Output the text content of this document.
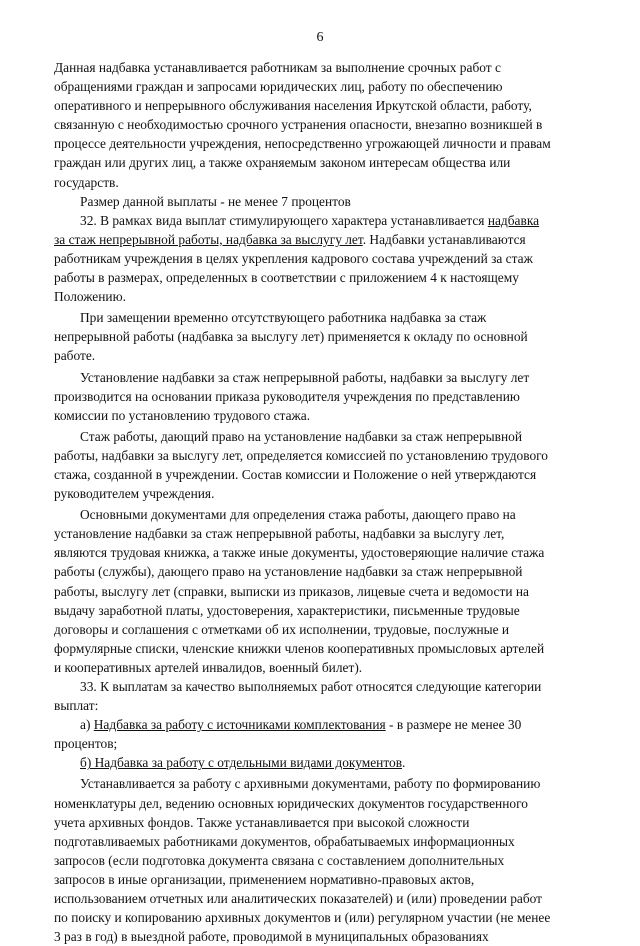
6
Данная надбавка устанавливается работникам за выполнение срочных работ с
обращениями граждан и запросами юридических лиц, работу по обеспечению
оперативного и непрерывного обслуживания населения Иркутской области, работу,
связанную с необходимостью срочного устранения опасности, внезапно возникшей в
процессе деятельности учреждения, непосредственно угрожающей личности и правам
граждан или других лиц, а также охраняемым законом интересам общества или
государств.
Размер данной выплаты - не менее 7 процентов
32. В рамках вида выплат стимулирующего характера устанавливается надбавка
за стаж непрерывной работы, надбавка за выслугу лет. Надбавки устанавливаются
работникам учреждения в целях укрепления кадрового состава учреждений за стаж
работы в размерах, определенных в соответствии с приложением 4 к настоящему
Положению.
При замещении временно отсутствующего работника надбавка за стаж
непрерывной работы (надбавка за выслугу лет) применяется к окладу по основной
работе.
Установление надбавки за стаж непрерывной работы, надбавки за выслугу лет
производится на основании приказа руководителя учреждения по представлению
комиссии по установлению трудового стажа.
Стаж работы, дающий право на установление надбавки за стаж непрерывной
работы, надбавки за выслугу лет, определяется комиссией по установлению трудового
стажа, созданной в учреждении. Состав комиссии и Положение о ней утверждаются
руководителем учреждения.
Основными документами для определения стажа работы, дающего право на
установление надбавки за стаж непрерывной работы, надбавки за выслугу лет,
являются трудовая книжка, а также иные документы, удостоверяющие наличие стажа
работы (службы), дающего право на установление надбавки за стаж непрерывной
работы, выслугу лет (справки, выписки из приказов, лицевые счета и ведомости на
выдачу заработной платы, удостоверения, характеристики, письменные трудовые
договоры и соглашения с отметками об их исполнении, трудовые, послужные и
формулярные списки, членские книжки членов кооперативных промысловых артелей
и кооперативных артелей инвалидов, военный билет).
33. К выплатам за качество выполняемых работ относятся следующие категории
выплат:
а) Надбавка за работу с источниками комплектования - в размере не менее 30
процентов;
б) Надбавка за работу с отдельными видами документов.
Устанавливается за работу с архивными документами, работу по формированию
номенклатуры дел, ведению основных юридических документов государственного
учета архивных фондов. Также устанавливается при высокой сложности
подготавливаемых работниками документов, обрабатываемых информационных
запросов (если подготовка документа связана с составлением дополнительных
запросов в иные организации, применением нормативно-правовых актов,
использованием отчетных или аналитических показателей) и (или) проведении работ
по поиску и копированию архивных документов и (или) регулярном участии (не менее
3 раз в год) в выездной работе, проводимой в муниципальных образованиях
